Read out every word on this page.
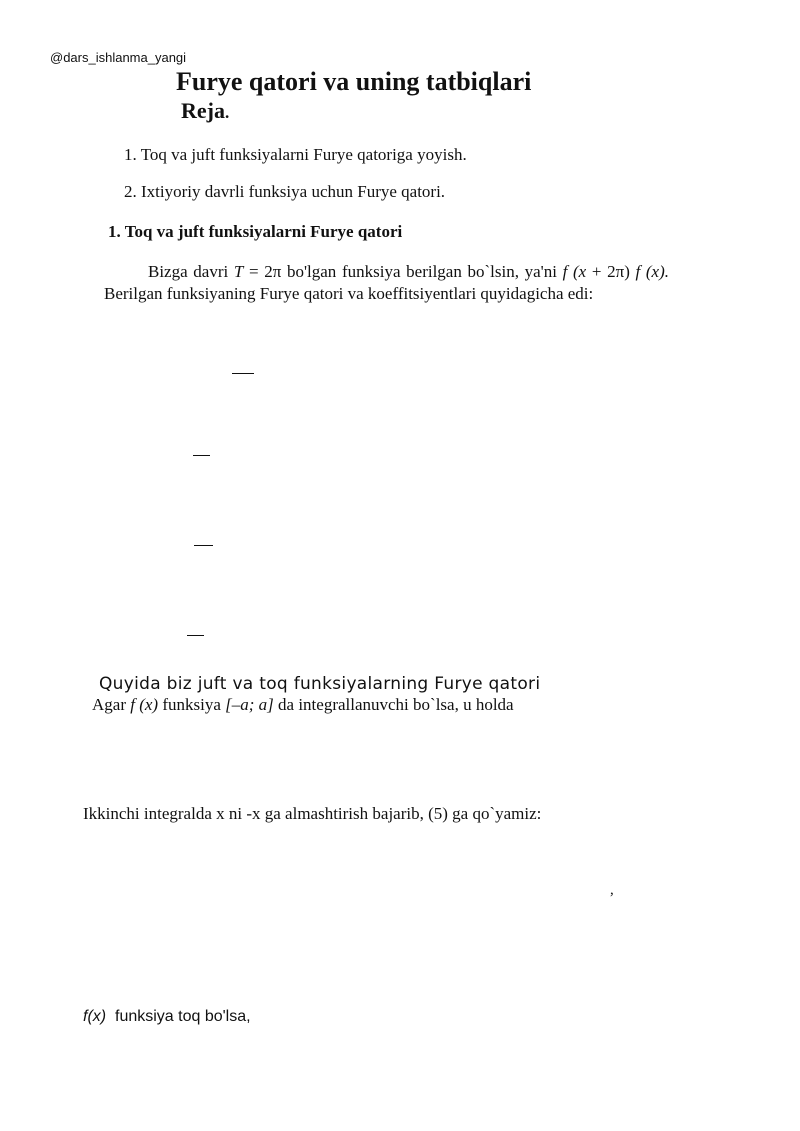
@dars_ishlanma_yangi
Furye qatori va uning tatbiqlari
Reja.
1. Toq va juft funksiyalarni Furye qatoriga yoyish.
2. Ixtiyoriy davrli funksiya uchun Furye qatori.
1. Toq va juft funksiyalarni Furye qatori
Bizga davri T = 2π bo'lgan funksiya berilgan bo`lsin, ya'ni f (x + 2π) f (x). Berilgan funksiyaning Furye qatori va koeffitsiyentlari quyidagicha edi:
Quyida biz juft va toq funksiyalarning Furye qatori
Agar f (x) funksiya [–a; a] da integrallanuvchi bo`lsa, u holda
Ikkinchi integralda x ni -x ga almashtirish bajarib, (5) ga qo`yamiz:
,
f(x)  funksiya toq bo'lsa,
